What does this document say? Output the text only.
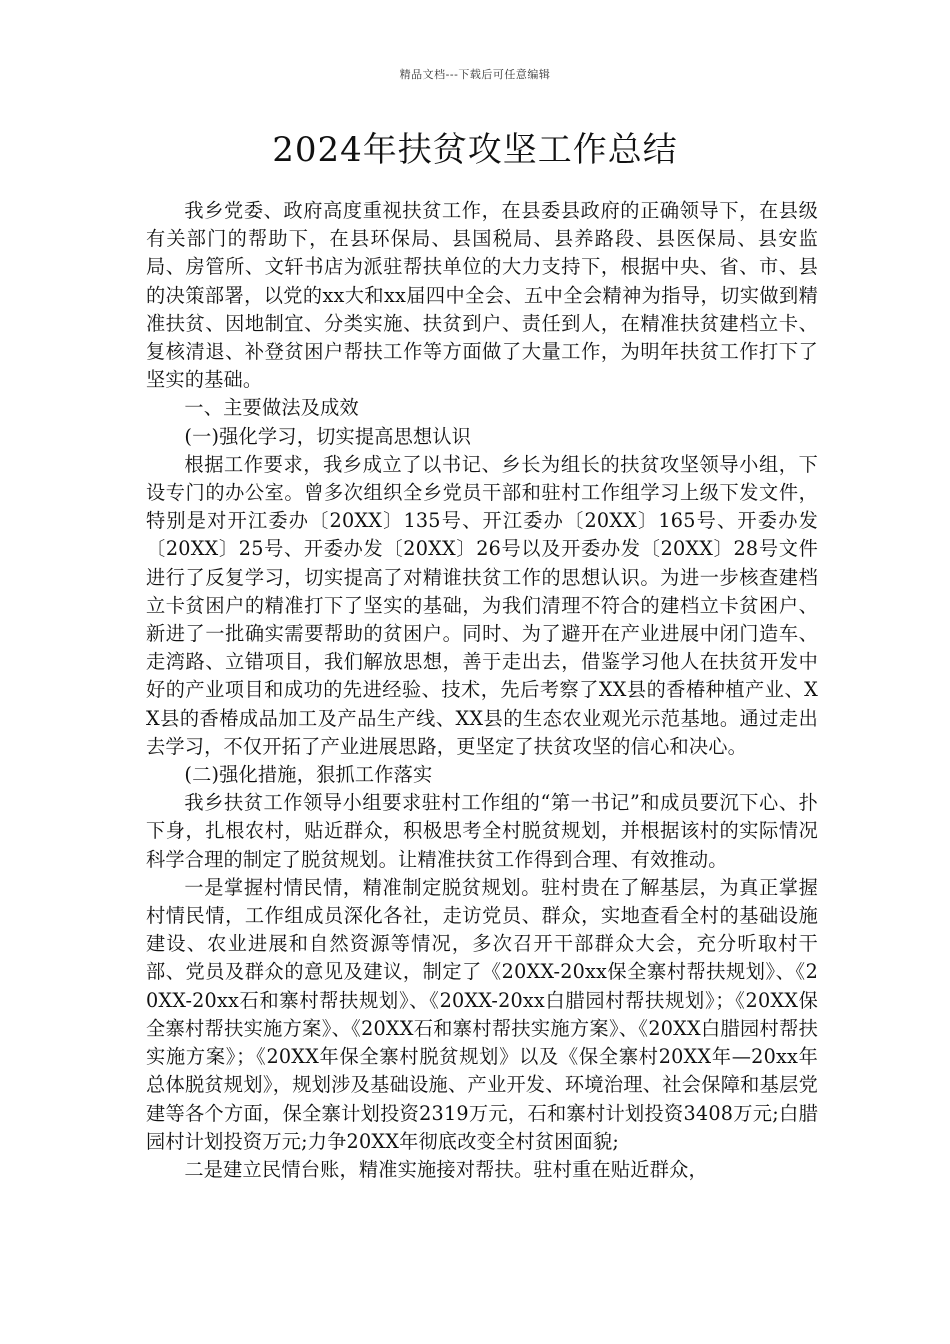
精品文档---下载后可任意编辑
2024年扶贫攻坚工作总结

我乡党委、政府高度重视扶贫工作，在县委县政府的正确领导下，在县级有关部门的帮助下，在县环保局、县国税局、县养路段、县医保局、县安监局、房管所、文轩书店为派驻帮扶单位的大力支持下，根据中央、省、市、县的决策部署，以党的xx大和xx届四中全会、五中全会精神为指导，切实做到精准扶贫、因地制宜、分类实施、扶贫到户、责任到人，在精准扶贫建档立卡、复核清退、补登贫困户帮扶工作等方面做了大量工作，为明年扶贫工作打下了坚实的基础。

一、主要做法及成效

(一)强化学习，切实提高思想认识

根据工作要求，我乡成立了以书记、乡长为组长的扶贫攻坚领导小组，下设专门的办公室。曾多次组织全乡党员干部和驻村工作组学习上级下发文件，特别是对开江委办〔20XX〕135号、开江委办〔20XX〕165号、开委办发〔20XX〕25号、开委办发〔20XX〕26号以及开委办发〔20XX〕28号文件进行了反复学习，切实提高了对精谁扶贫工作的思想认识。为进一步核查建档立卡贫困户的精准打下了坚实的基础，为我们清理不符合的建档立卡贫困户、新进了一批确实需要帮助的贫困户。同时、为了避开在产业进展中闭门造车、走湾路、立错项目，我们解放思想，善于走出去，借鉴学习他人在扶贫开发中好的产业项目和成功的先进经验、技术，先后考察了XX县的香椿种植产业、XX县的香椿成品加工及产品生产线、XX县的生态农业观光示范基地。通过走出去学习，不仅开拓了产业进展思路，更坚定了扶贫攻坚的信心和决心。

(二)强化措施，狠抓工作落实

我乡扶贫工作领导小组要求驻村工作组的“第一书记”和成员要沉下心、扑下身，扎根农村，贴近群众，积极思考全村脱贫规划，并根据该村的实际情况科学合理的制定了脱贫规划。让精准扶贫工作得到合理、有效推动。

一是掌握村情民情，精准制定脱贫规划。驻村贵在了解基层，为真正掌握村情民情，工作组成员深化各社，走访党员、群众，实地查看全村的基础设施建设、农业进展和自然资源等情况，多次召开干部群众大会，充分听取村干部、党员及群众的意见及建议，制定了《20XX-20xx保全寨村帮扶规划》、《20XX-20xx石和寨村帮扶规划》、《20XX-20xx白腊园村帮扶规划》；《20XX保全寨村帮扶实施方案》、《20XX石和寨村帮扶实施方案》、《20XX白腊园村帮扶实施方案》；《20XX年保全寨村脱贫规划》以及《保全寨村20XX年—20xx年总体脱贫规划》，规划涉及基础设施、产业开发、环境治理、社会保障和基层党建等各个方面，保全寨计划投资2319万元，石和寨村计划投资3408万元;白腊园村计划投资万元;力争20XX年彻底改变全村贫困面貌;

二是建立民情台账，精准实施接对帮扶。驻村重在贴近群众，
